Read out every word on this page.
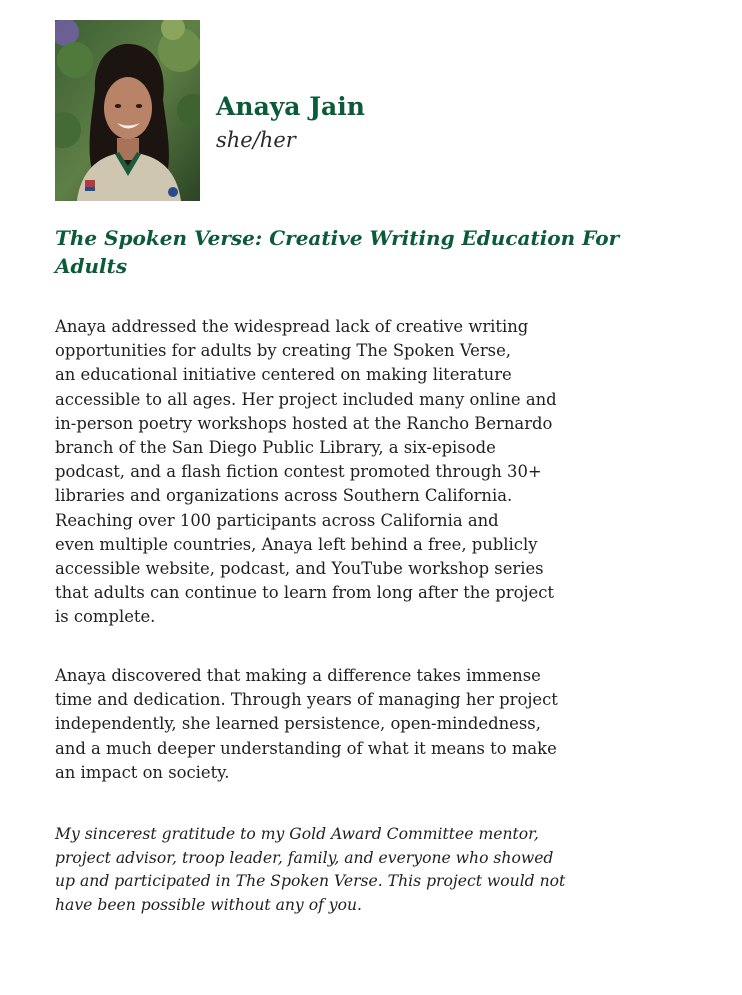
Anaya Jain

she/her

The Spoken Verse: Creative Writing Education For Adults

Anaya addressed the widespread lack of creative writing
opportunities for adults by creating The Spoken Verse,
an educational initiative centered on making literature
accessible to all ages. Her project included many online and
in-person poetry workshops hosted at the Rancho Bernardo
branch of the San Diego Public Library, a six-episode
podcast, and a flash fiction contest promoted through 30+
libraries and organizations across Southern California.
Reaching over 100 participants across California and
even multiple countries, Anaya left behind a free, publicly
accessible website, podcast, and YouTube workshop series
that adults can continue to learn from long after the project
is complete.

Anaya discovered that making a difference takes immense
time and dedication. Through years of managing her project
independently, she learned persistence, open-mindedness,
and a much deeper understanding of what it means to make
an impact on society.

My sincerest gratitude to my Gold Award Committee mentor,
project advisor, troop leader, family, and everyone who showed
up and participated in The Spoken Verse. This project would not
have been possible without any of you.
